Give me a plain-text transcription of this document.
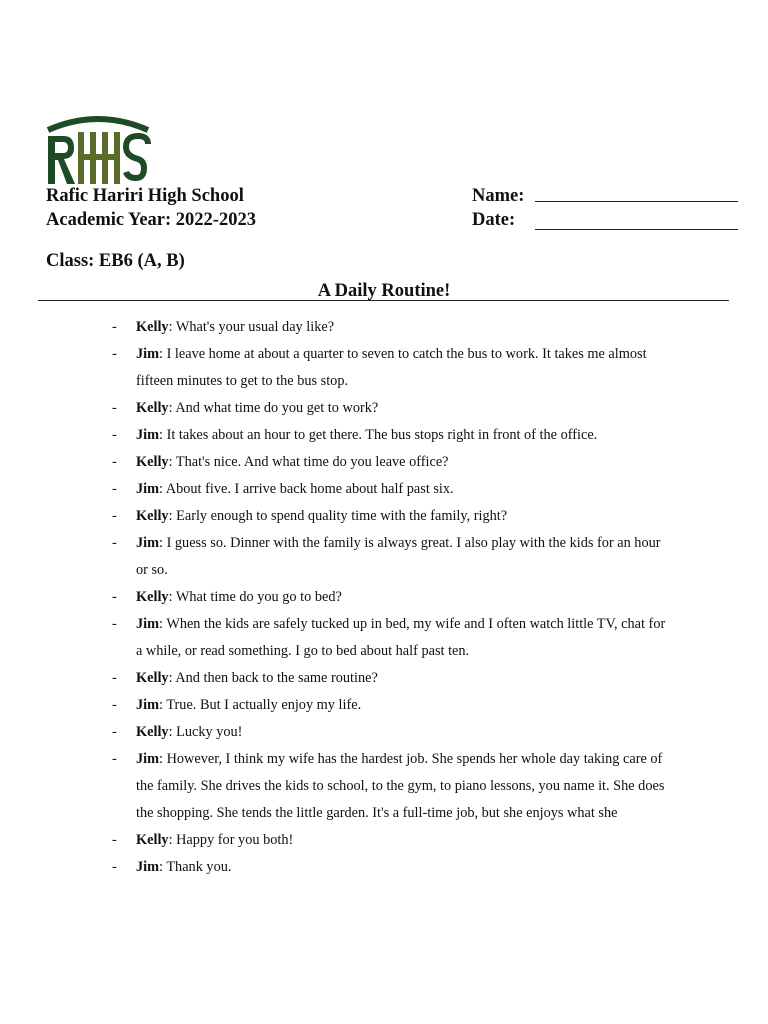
Rafic Hariri High School
Academic Year: 2022-2023
Class: EB6 (A, B)
Name:
Date:
A Daily Routine!
-	Kelly: What's your usual day like?
-	Jim: I leave home at about a quarter to seven to catch the bus to work. It takes me almost fifteen minutes to get to the bus stop.
-	Kelly: And what time do you get to work?
-	Jim: It takes about an hour to get there. The bus stops right in front of the office.
-	Kelly: That's nice. And what time do you leave office?
-	Jim: About five. I arrive back home about half past six.
-	Kelly: Early enough to spend quality time with the family, right?
-	Jim: I guess so. Dinner with the family is always great. I also play with the kids for an hour or so.
-	Kelly: What time do you go to bed?
-	Jim: When the kids are safely tucked up in bed, my wife and I often watch little TV, chat for a while, or read something. I go to bed about half past ten.
-	Kelly: And then back to the same routine?
-	Jim: True. But I actually enjoy my life.
-	Kelly: Lucky you!
-	Jim: However, I think my wife has the hardest job. She spends her whole day taking care of the family. She drives the kids to school, to the gym, to piano lessons, you name it. She does the shopping. She tends the little garden. It's a full-time job, but she enjoys what she
-	Kelly: Happy for you both!
-	Jim: Thank you.
